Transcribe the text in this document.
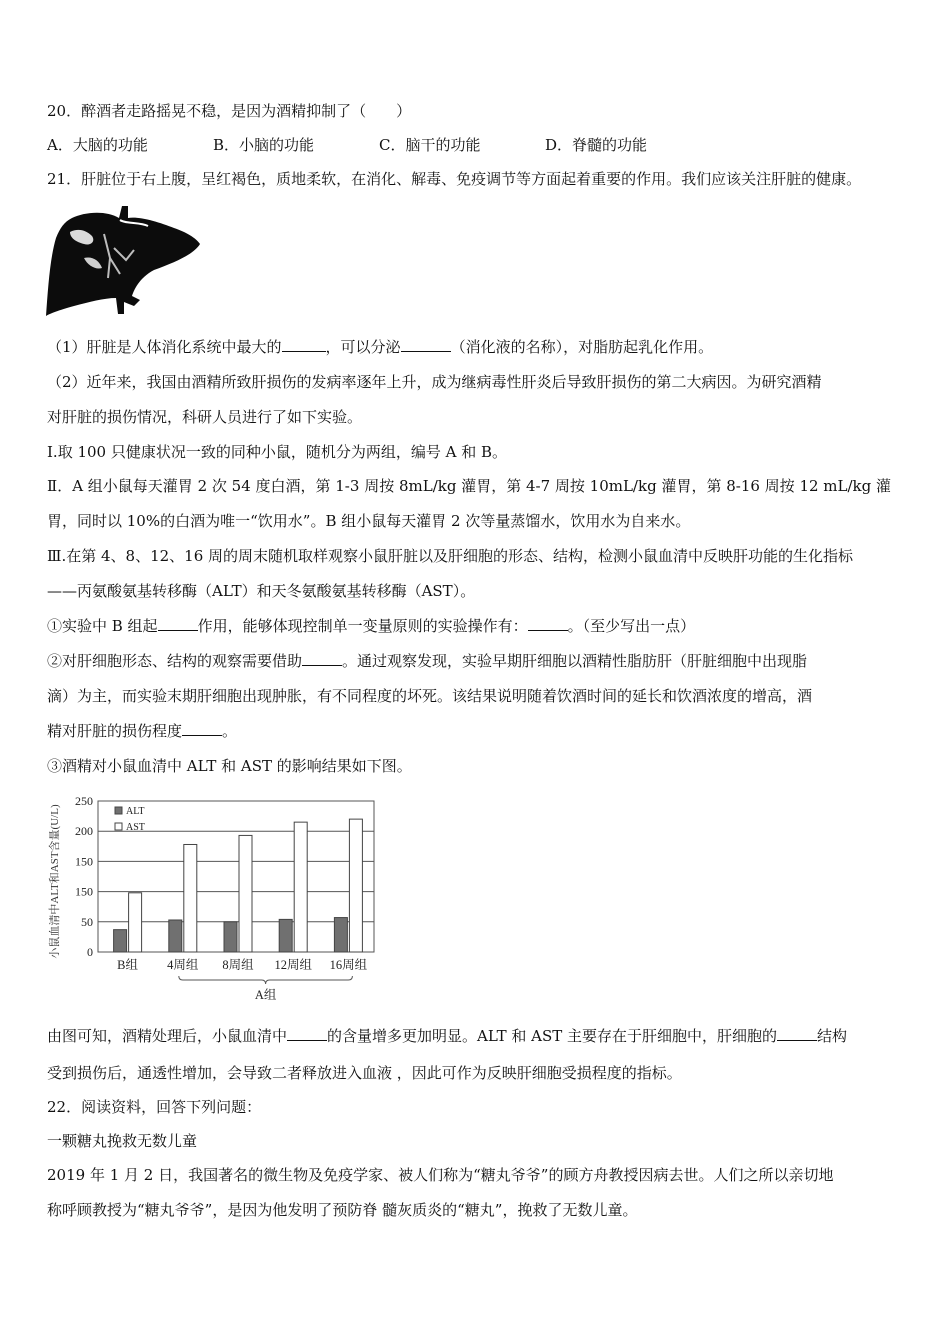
20．醉酒者走路摇晃不稳，是因为酒精抑制了（　　）
A．大脑的功能	B．小脑的功能	C．脑干的功能	D．脊髓的功能
21．肝脏位于右上腹，呈红褐色，质地柔软，在消化、解毒、免疫调节等方面起着重要的作用。我们应该关注肝脏的健康。
（1）肝脏是人体消化系统中最大的	，可以分泌	（消化液的名称），对脂肪起乳化作用。
（2）近年来，我国由酒精所致肝损伤的发病率逐年上升，成为继病毒性肝炎后导致肝损伤的第二大病因。为研究酒精
对肝脏的损伤情况，科研人员进行了如下实验。
Ⅰ.取 100 只健康状况一致的同种小鼠，随机分为两组，编号 A 和 B。
Ⅱ．A 组小鼠每天灌胃 2 次 54 度白酒，第 1-3 周按 8mL/kg 灌胃，第 4-7 周按 10mL/kg 灌胃，第 8-16 周按 12 mL/kg 灌
胃，同时以 10%的白酒为唯一“饮用水”。B 组小鼠每天灌胃 2 次等量蒸馏水，饮用水为自来水。
Ⅲ.在第 4、8、12、16 周的周末随机取样观察小鼠肝脏以及肝细胞的形态、结构，检测小鼠血清中反映肝功能的生化指标
——丙氨酸氨基转移酶（ALT）和天冬氨酸氨基转移酶（AST）。
①实验中 B 组起	作用，能够体现控制单一变量原则的实验操作有：	。（至少写出一点）
②对肝细胞形态、结构的观察需要借助	。通过观察发现，实验早期肝细胞以酒精性脂肪肝（肝脏细胞中出现脂
滴）为主，而实验末期肝细胞出现肿胀，有不同程度的坏死。该结果说明随着饮酒时间的延长和饮酒浓度的增高，酒
精对肝脏的损伤程度	。
③酒精对小鼠血清中 ALT 和 AST 的影响结果如下图。
0
50
150
150
200
250
小鼠血清中ALT和AST含量(U/L)
B组 4周组 8周组 12周组 16周组
A组
ALT
AST
由图可知，酒精处理后，小鼠血清中	的含量增多更加明显。ALT 和 AST 主要存在于肝细胞中，肝细胞的	结构
受到损伤后，通透性增加，会导致二者释放进入血液 ，因此可作为反映肝细胞受损程度的指标。
22．阅读资料，回答下列问题：
一颗糖丸挽救无数儿童
2019 年 1 月 2 日，我国著名的微生物及免疫学家、被人们称为“糖丸爷爷”的顾方舟教授因病去世。人们之所以亲切地
称呼顾教授为“糖丸爷爷”，是因为他发明了预防脊 髓灰质炎的“糖丸”，挽救了无数儿童。
